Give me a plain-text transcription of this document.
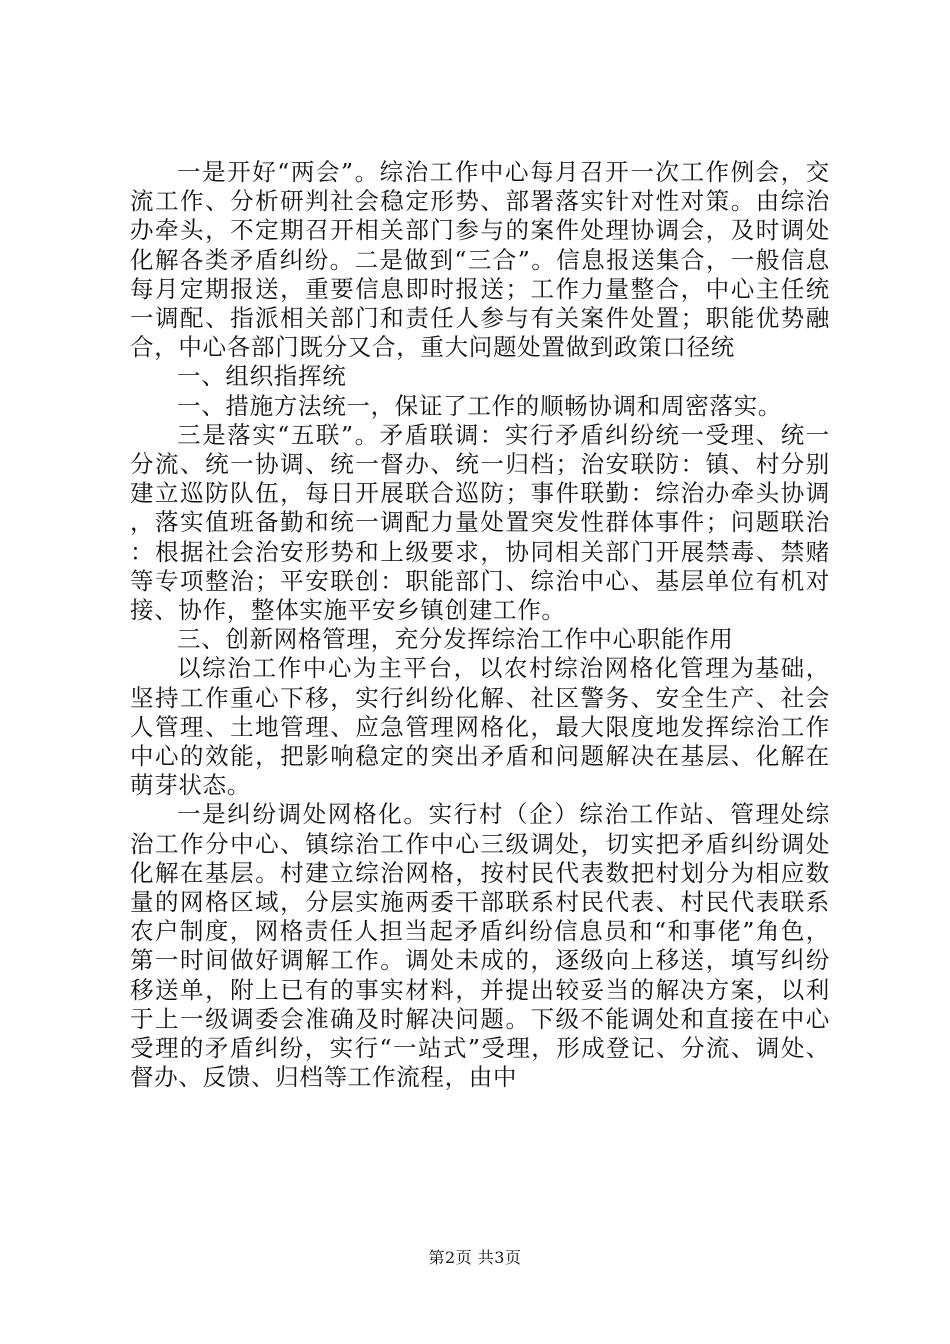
一是开好“两会”。综治工作中心每月召开一次工作例会，交流工作、分析研判社会稳定形势、部署落实针对性对策。由综治办牵头，不定期召开相关部门参与的案件处理协调会，及时调处化解各类矛盾纠纷。二是做到“三合”。信息报送集合，一般信息每月定期报送，重要信息即时报送；工作力量整合，中心主任统一调配、指派相关部门和责任人参与有关案件处置；职能优势融合，中心各部门既分又合，重大问题处置做到政策口径统

一、组织指挥统

一、措施方法统一，保证了工作的顺畅协调和周密落实。

三是落实“五联”。矛盾联调：实行矛盾纠纷统一受理、统一分流、统一协调、统一督办、统一归档；治安联防：镇、村分别建立巡防队伍，每日开展联合巡防；事件联勤：综治办牵头协调，落实值班备勤和统一调配力量处置突发性群体事件；问题联治：根据社会治安形势和上级要求，协同相关部门开展禁毒、禁赌等专项整治；平安联创：职能部门、综治中心、基层单位有机对接、协作，整体实施平安乡镇创建工作。

三、创新网格管理，充分发挥综治工作中心职能作用

以综治工作中心为主平台，以农村综治网格化管理为基础，坚持工作重心下移，实行纠纷化解、社区警务、安全生产、社会人管理、土地管理、应急管理网格化，最大限度地发挥综治工作中心的效能，把影响稳定的突出矛盾和问题解决在基层、化解在萌芽状态。

一是纠纷调处网格化。实行村（企）综治工作站、管理处综治工作分中心、镇综治工作中心三级调处，切实把矛盾纠纷调处化解在基层。村建立综治网格，按村民代表数把村划分为相应数量的网格区域，分层实施两委干部联系村民代表、村民代表联系农户制度，网格责任人担当起矛盾纠纷信息员和“和事佬”角色，第一时间做好调解工作。调处未成的，逐级向上移送，填写纠纷移送单，附上已有的事实材料，并提出较妥当的解决方案，以利于上一级调委会准确及时解决问题。下级不能调处和直接在中心受理的矛盾纠纷，实行“一站式”受理，形成登记、分流、调处、督办、反馈、归档等工作流程，由中

第2页 共3页
